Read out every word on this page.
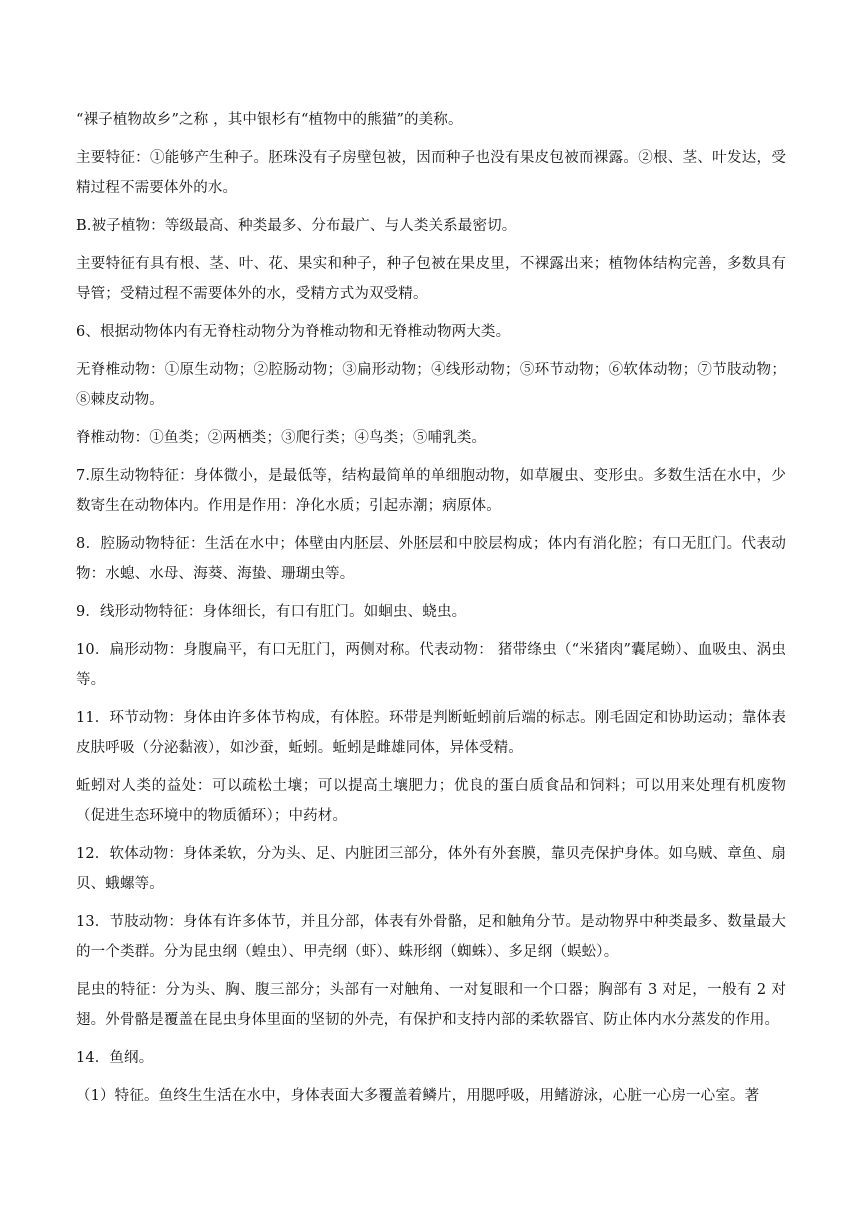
“裸子植物故乡”之称 ，其中银杉有“植物中的熊猫”的美称。

主要特征：①能够产生种子。胚珠没有子房壁包被，因而种子也没有果皮包被而裸露。②根、茎、叶发达，受精过程不需要体外的水。

B.被子植物：等级最高、种类最多、分布最广、与人类关系最密切。

主要特征有具有根、茎、叶、花、果实和种子，种子包被在果皮里，不裸露出来；植物体结构完善，多数具有导管；受精过程不需要体外的水，受精方式为双受精。

6、根据动物体内有无脊柱动物分为脊椎动物和无脊椎动物两大类。

无脊椎动物：①原生动物；②腔肠动物；③扁形动物；④线形动物；⑤环节动物；⑥软体动物；⑦节肢动物；⑧棘皮动物。

脊椎动物：①鱼类；②两栖类；③爬行类；④鸟类；⑤哺乳类。

7.原生动物特征：身体微小，是最低等，结构最简单的单细胞动物，如草履虫、变形虫。多数生活在水中，少数寄生在动物体内。作用是作用：净化水质；引起赤潮；病原体。

8．腔肠动物特征：生活在水中；体壁由内胚层、外胚层和中胶层构成；体内有消化腔；有口无肛门。代表动物：水螅、水母、海葵、海蛰、珊瑚虫等。

9．线形动物特征：身体细长，有口有肛门。如蛔虫、蛲虫。

10．扁形动物：身腹扁平，有口无肛门，两侧对称。代表动物： 猪带绦虫（“米猪肉”囊尾蚴）、血吸虫、涡虫等。

11．环节动物：身体由许多体节构成，有体腔。环带是判断蚯蚓前后端的标志。刚毛固定和协助运动；靠体表皮肤呼吸（分泌黏液），如沙蚕，蚯蚓。蚯蚓是雌雄同体，异体受精。

蚯蚓对人类的益处：可以疏松土壤；可以提高土壤肥力；优良的蛋白质食品和饲料；可以用来处理有机废物（促进生态环境中的物质循环）；中药材。

12．软体动物：身体柔软，分为头、足、内脏团三部分，体外有外套膜，靠贝壳保护身体。如乌贼、章鱼、扇贝、蛾螺等。

13．节肢动物：身体有许多体节，并且分部，体表有外骨骼，足和触角分节。是动物界中种类最多、数量最大的一个类群。分为昆虫纲（蝗虫）、甲壳纲（虾）、蛛形纲（蜘蛛）、多足纲（蜈蚣）。

昆虫的特征：分为头、胸、腹三部分；头部有一对触角、一对复眼和一个口器；胸部有 3 对足，一般有 2 对翅。外骨骼是覆盖在昆虫身体里面的坚韧的外壳，有保护和支持内部的柔软器官、防止体内水分蒸发的作用。

14．鱼纲。

（1）特征。鱼终生生活在水中，身体表面大多覆盖着鳞片，用腮呼吸，用鳍游泳，心脏一心房一心室。著
